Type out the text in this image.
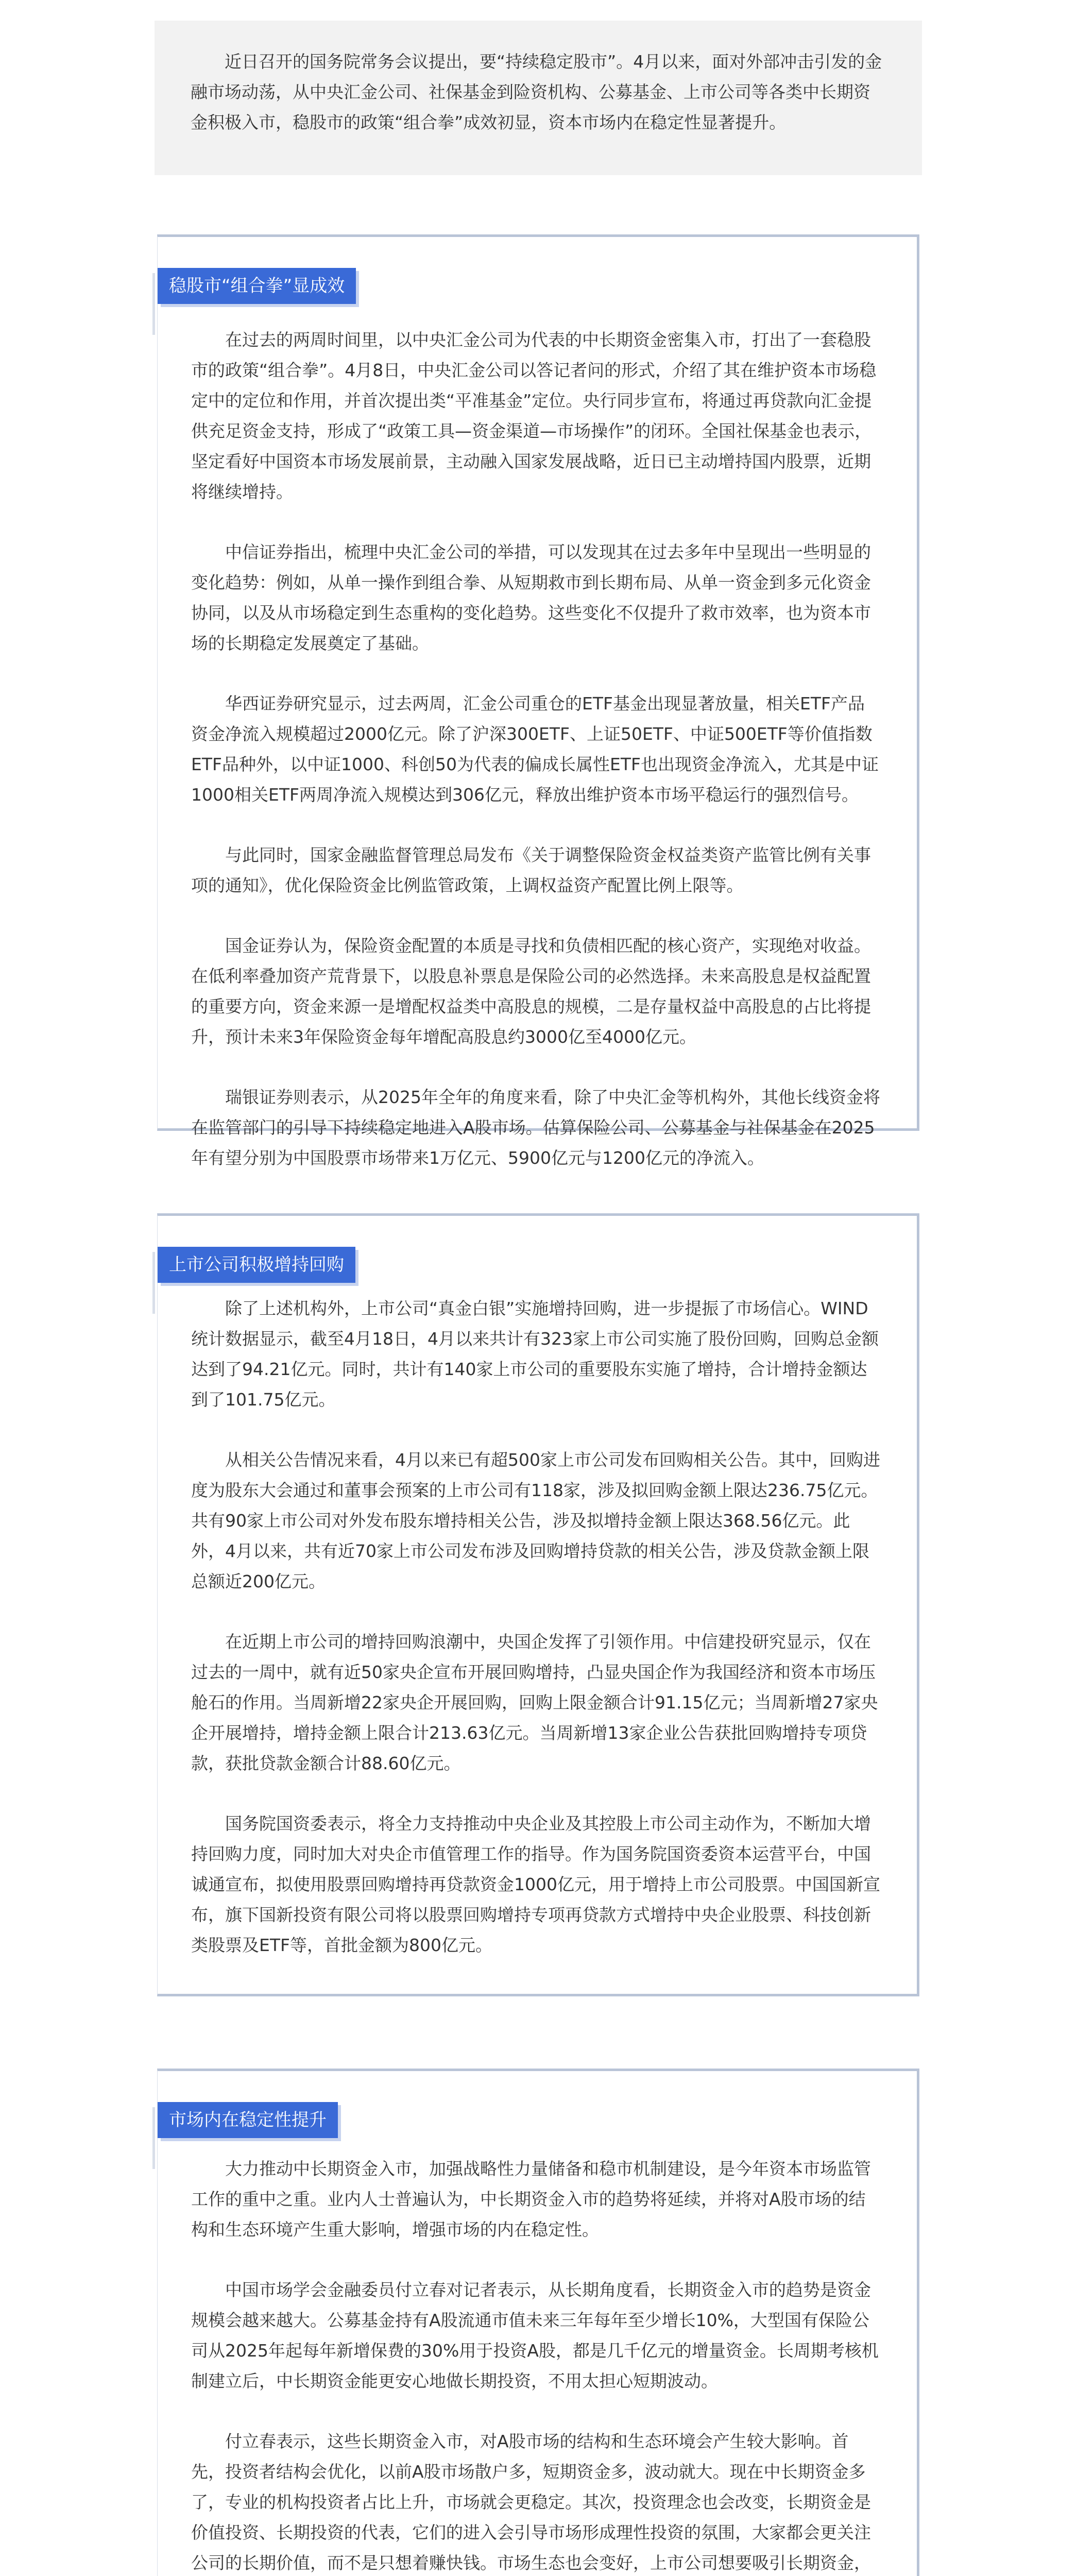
近日召开的国务院常务会议提出，要“持续稳定股市”。4月以来，面对外部冲击引发的金融市场动荡，从中央汇金公司、社保基金到险资机构、公募基金、上市公司等各类中长期资金积极入市，稳股市的政策“组合拳”成效初显，资本市场内在稳定性显著提升。
稳股市“组合拳”显成效

在过去的两周时间里，以中央汇金公司为代表的中长期资金密集入市，打出了一套稳股市的政策“组合拳”。4月8日，中央汇金公司以答记者问的形式，介绍了其在维护资本市场稳定中的定位和作用，并首次提出类“平准基金”定位。央行同步宣布，将通过再贷款向汇金提供充足资金支持，形成了“政策工具—资金渠道—市场操作”的闭环。全国社保基金也表示，坚定看好中国资本市场发展前景，主动融入国家发展战略，近日已主动增持国内股票，近期将继续增持。

中信证券指出，梳理中央汇金公司的举措，可以发现其在过去多年中呈现出一些明显的变化趋势：例如，从单一操作到组合拳、从短期救市到长期布局、从单一资金到多元化资金协同，以及从市场稳定到生态重构的变化趋势。这些变化不仅提升了救市效率，也为资本市场的长期稳定发展奠定了基础。

华西证券研究显示，过去两周，汇金公司重仓的ETF基金出现显著放量，相关ETF产品资金净流入规模超过2000亿元。除了沪深300ETF、上证50ETF、中证500ETF等价值指数ETF品种外，以中证1000、科创50为代表的偏成长属性ETF也出现资金净流入，尤其是中证1000相关ETF两周净流入规模达到306亿元，释放出维护资本市场平稳运行的强烈信号。

与此同时，国家金融监督管理总局发布《关于调整保险资金权益类资产监管比例有关事项的通知》，优化保险资金比例监管政策，上调权益资产配置比例上限等。

国金证券认为，保险资金配置的本质是寻找和负债相匹配的核心资产，实现绝对收益。在低利率叠加资产荒背景下，以股息补票息是保险公司的必然选择。未来高股息是权益配置的重要方向，资金来源一是增配权益类中高股息的规模，二是存量权益中高股息的占比将提升，预计未来3年保险资金每年增配高股息约3000亿至4000亿元。

瑞银证券则表示，从2025年全年的角度来看，除了中央汇金等机构外，其他长线资金将在监管部门的引导下持续稳定地进入A股市场。估算保险公司、公募基金与社保基金在2025年有望分别为中国股票市场带来1万亿元、5900亿元与1200亿元的净流入。

上市公司积极增持回购

除了上述机构外，上市公司“真金白银”实施增持回购，进一步提振了市场信心。WIND统计数据显示，截至4月18日，4月以来共计有323家上市公司实施了股份回购，回购总金额达到了94.21亿元。同时，共计有140家上市公司的重要股东实施了增持，合计增持金额达到了101.75亿元。

从相关公告情况来看，4月以来已有超500家上市公司发布回购相关公告。其中，回购进度为股东大会通过和董事会预案的上市公司有118家，涉及拟回购金额上限达236.75亿元。共有90家上市公司对外发布股东增持相关公告，涉及拟增持金额上限达368.56亿元。此外，4月以来，共有近70家上市公司发布涉及回购增持贷款的相关公告，涉及贷款金额上限总额近200亿元。

在近期上市公司的增持回购浪潮中，央国企发挥了引领作用。中信建投研究显示，仅在过去的一周中，就有近50家央企宣布开展回购增持，凸显央国企作为我国经济和资本市场压舱石的作用。当周新增22家央企开展回购，回购上限金额合计91.15亿元；当周新增27家央企开展增持，增持金额上限合计213.63亿元。当周新增13家企业公告获批回购增持专项贷款，获批贷款金额合计88.60亿元。

国务院国资委表示，将全力支持推动中央企业及其控股上市公司主动作为，不断加大增持回购力度，同时加大对央企市值管理工作的指导。作为国务院国资委资本运营平台，中国诚通宣布，拟使用股票回购增持再贷款资金1000亿元，用于增持上市公司股票。中国国新宣布，旗下国新投资有限公司将以股票回购增持专项再贷款方式增持中央企业股票、科技创新类股票及ETF等，首批金额为800亿元。

市场内在稳定性提升

大力推动中长期资金入市，加强战略性力量储备和稳市机制建设，是今年资本市场监管工作的重中之重。业内人士普遍认为，中长期资金入市的趋势将延续，并将对A股市场的结构和生态环境产生重大影响，增强市场的内在稳定性。

中国市场学会金融委员付立春对记者表示，从长期角度看，长期资金入市的趋势是资金规模会越来越大。公募基金持有A股流通市值未来三年每年至少增长10%，大型国有保险公司从2025年起每年新增保费的30%用于投资A股，都是几千亿元的增量资金。长周期考核机制建立后，中长期资金能更安心地做长期投资，不用太担心短期波动。

付立春表示，这些长期资金入市，对A股市场的结构和生态环境会产生较大影响。首先，投资者结构会优化，以前A股市场散户多，短期资金多，波动就大。现在中长期资金多了，专业的机构投资者占比上升，市场就会更稳定。其次，投资理念也会改变，长期资金是价值投资、长期投资的代表，它们的进入会引导市场形成理性投资的氛围，大家都会更关注公司的长期价值，而不是只想着赚快钱。市场生态也会变好，上市公司想要吸引长期资金，
